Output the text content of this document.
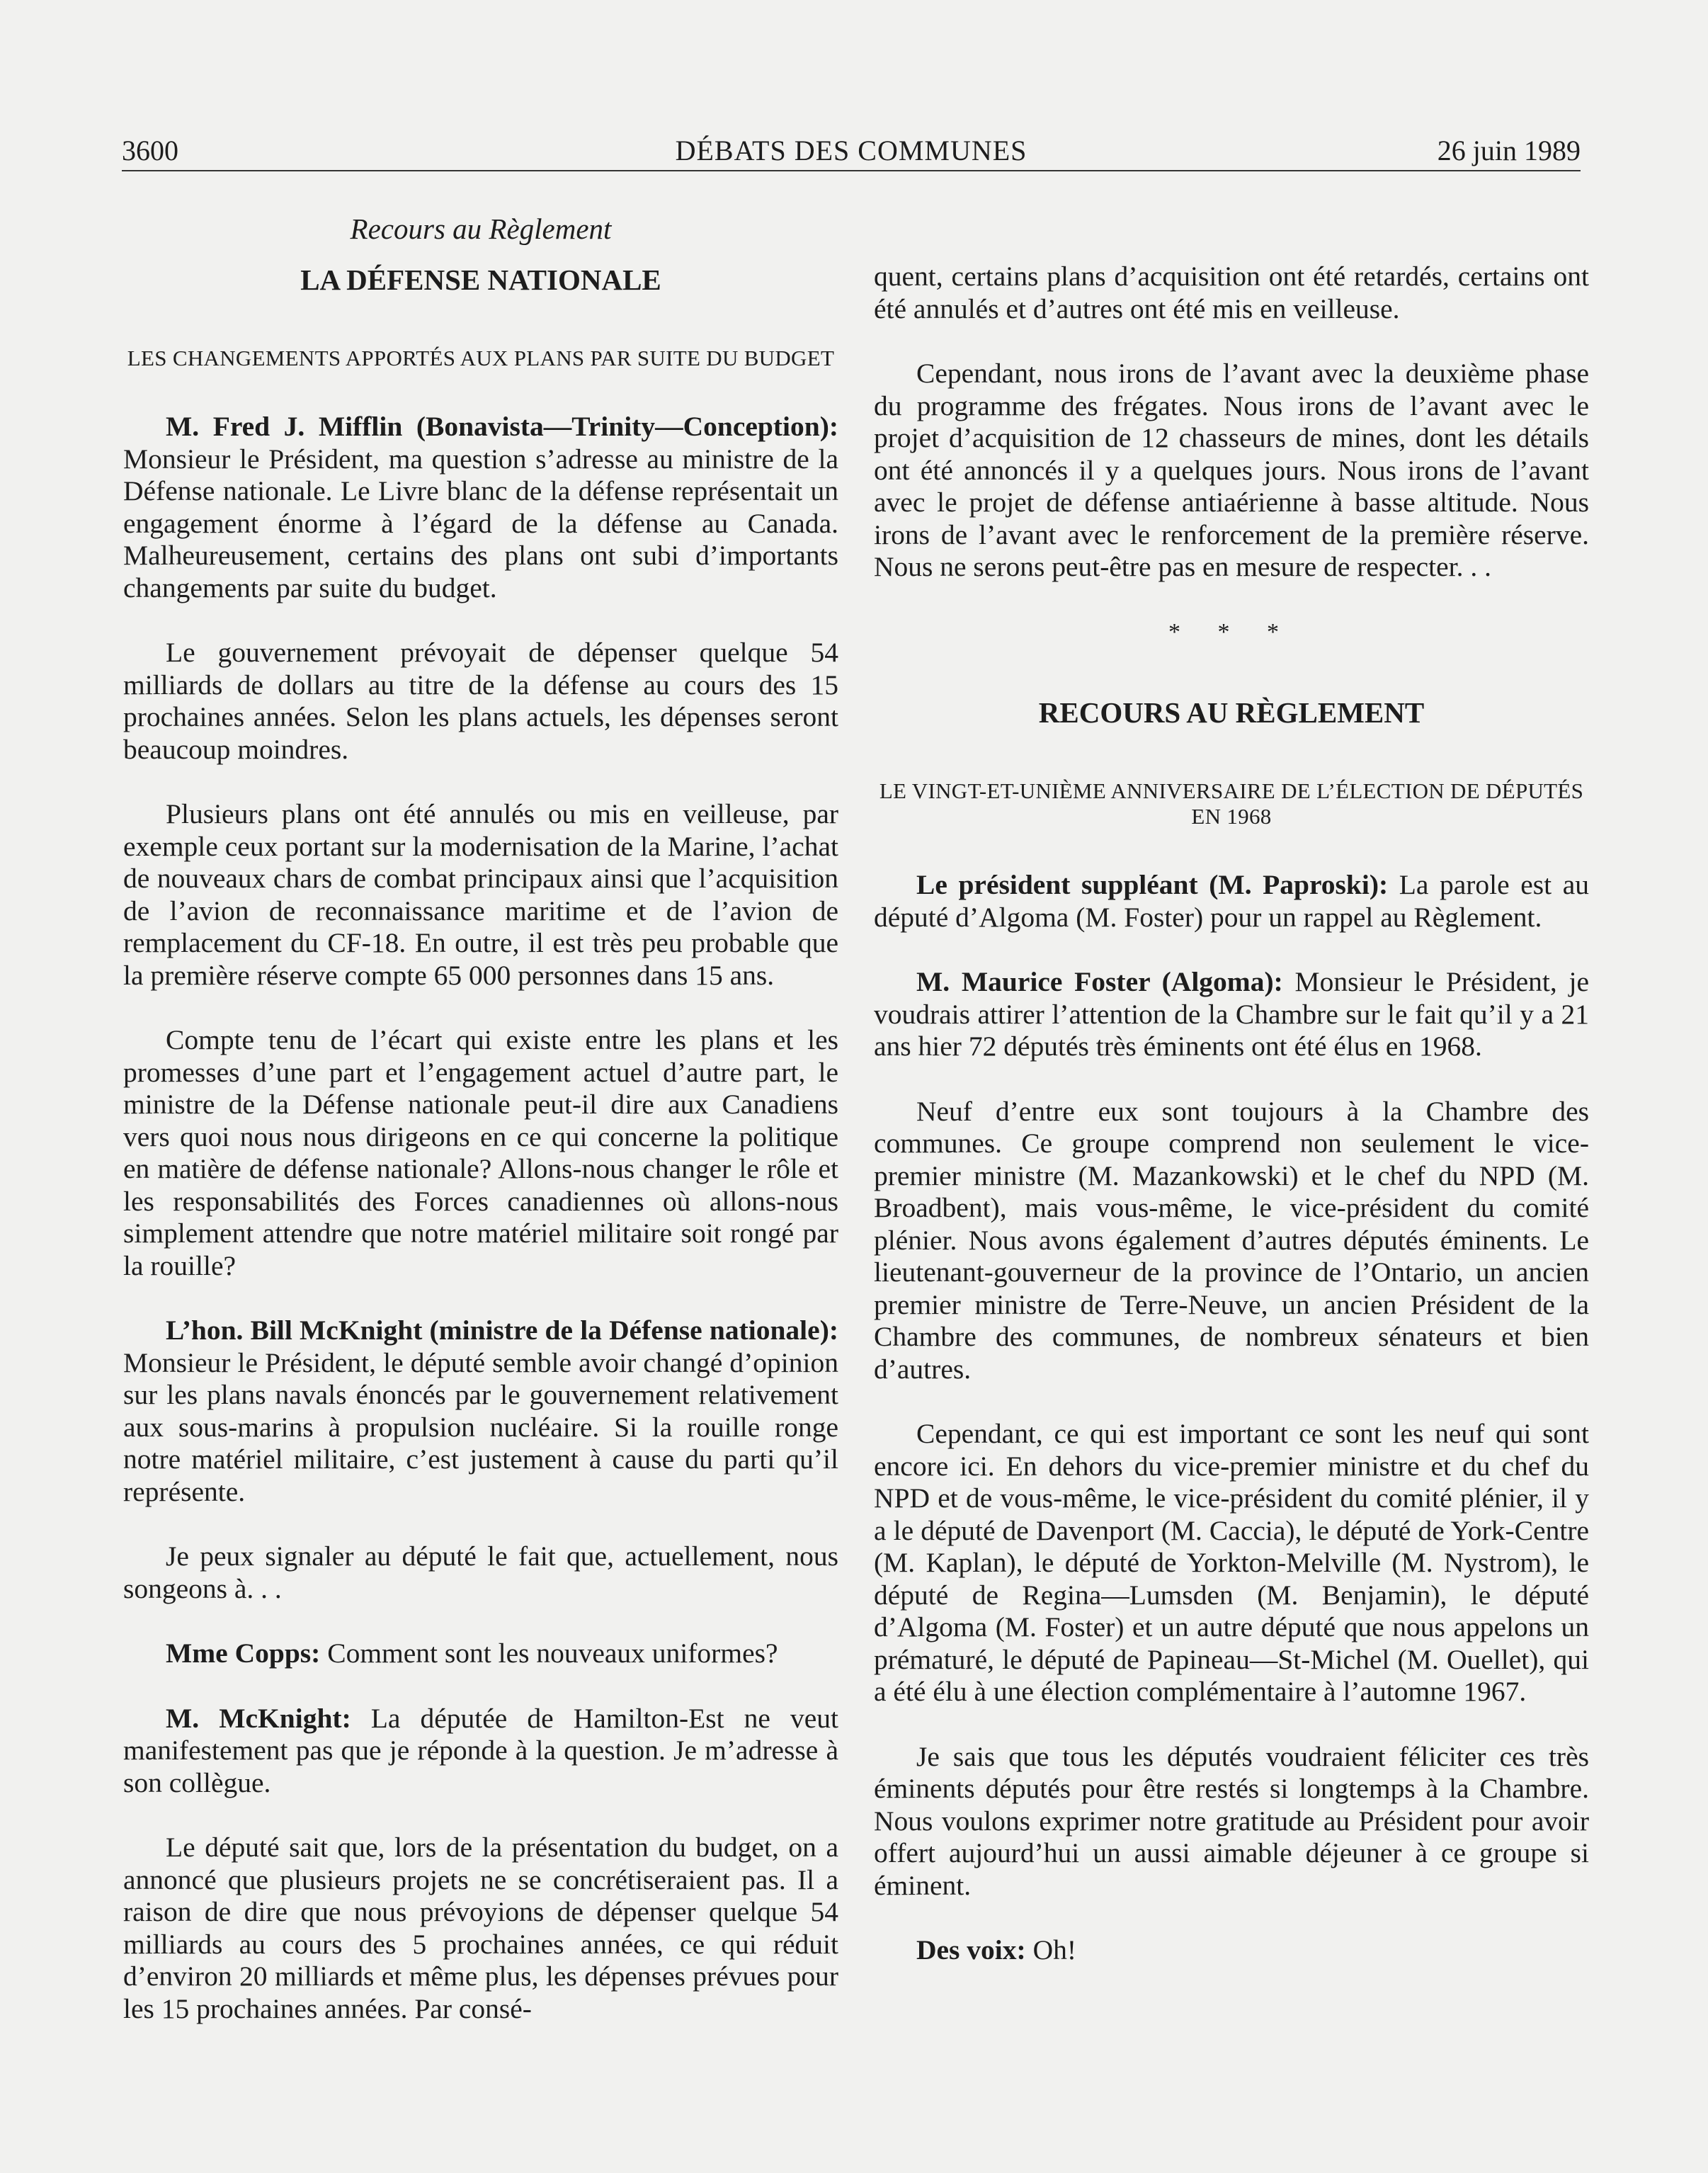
3600	DÉBATS DES COMMUNES	26 juin 1989
Recours au Règlement
LA DÉFENSE NATIONALE
LES CHANGEMENTS APPORTÉS AUX PLANS PAR SUITE DU BUDGET

M. Fred J. Mifflin (Bonavista—Trinity—Conception): Monsieur le Président, ma question s’adresse au ministre de la Défense nationale. Le Livre blanc de la défense représentait un engagement énorme à l’égard de la défense au Canada. Malheureusement, certains des plans ont subi d’importants changements par suite du budget.

Le gouvernement prévoyait de dépenser quelque 54 milliards de dollars au titre de la défense au cours des 15 prochaines années. Selon les plans actuels, les dépenses seront beaucoup moindres.

Plusieurs plans ont été annulés ou mis en veilleuse, par exemple ceux portant sur la modernisation de la Marine, l’achat de nouveaux chars de combat principaux ainsi que l’acquisition de l’avion de reconnaissance maritime et de l’avion de remplacement du CF-18. En outre, il est très peu probable que la première réserve compte 65 000 personnes dans 15 ans.

Compte tenu de l’écart qui existe entre les plans et les promesses d’une part et l’engagement actuel d’autre part, le ministre de la Défense nationale peut-il dire aux Canadiens vers quoi nous nous dirigeons en ce qui concerne la politique en matière de défense nationale? Allons-nous changer le rôle et les responsabilités des Forces canadiennes où allons-nous simplement attendre que notre matériel militaire soit rongé par la rouille?

L’hon. Bill McKnight (ministre de la Défense nationale): Monsieur le Président, le député semble avoir changé d’opinion sur les plans navals énoncés par le gouvernement relativement aux sous-marins à propulsion nucléaire. Si la rouille ronge notre matériel militaire, c’est justement à cause du parti qu’il représente.

Je peux signaler au député le fait que, actuellement, nous songeons à. . .

Mme Copps: Comment sont les nouveaux uniformes?

M. McKnight: La députée de Hamilton-Est ne veut manifestement pas que je réponde à la question. Je m’adresse à son collègue.

Le député sait que, lors de la présentation du budget, on a annoncé que plusieurs projets ne se concrétiseraient pas. Il a raison de dire que nous prévoyions de dépenser quelque 54 milliards au cours des 5 prochaines années, ce qui réduit d’environ 20 milliards et même plus, les dépenses prévues pour les 15 prochaines années. Par consé-

quent, certains plans d’acquisition ont été retardés, certains ont été annulés et d’autres ont été mis en veilleuse.

Cependant, nous irons de l’avant avec la deuxième phase du programme des frégates. Nous irons de l’avant avec le projet d’acquisition de 12 chasseurs de mines, dont les détails ont été annoncés il y a quelques jours. Nous irons de l’avant avec le projet de défense antiaérienne à basse altitude. Nous irons de l’avant avec le renforcement de la première réserve. Nous ne serons peut-être pas en mesure de respecter. . .

* * *
RECOURS AU RÈGLEMENT
LE VINGT-ET-UNIÈME ANNIVERSAIRE DE L’ÉLECTION DE DÉPUTÉS EN 1968

Le président suppléant (M. Paproski): La parole est au député d’Algoma (M. Foster) pour un rappel au Règlement.

M. Maurice Foster (Algoma): Monsieur le Président, je voudrais attirer l’attention de la Chambre sur le fait qu’il y a 21 ans hier 72 députés très éminents ont été élus en 1968.

Neuf d’entre eux sont toujours à la Chambre des communes. Ce groupe comprend non seulement le vice-premier ministre (M. Mazankowski) et le chef du NPD (M. Broadbent), mais vous-même, le vice-président du comité plénier. Nous avons également d’autres députés éminents. Le lieutenant-gouverneur de la province de l’Ontario, un ancien premier ministre de Terre-Neuve, un ancien Président de la Chambre des communes, de nombreux sénateurs et bien d’autres.

Cependant, ce qui est important ce sont les neuf qui sont encore ici. En dehors du vice-premier ministre et du chef du NPD et de vous-même, le vice-président du comité plénier, il y a le député de Davenport (M. Caccia), le député de York-Centre (M. Kaplan), le député de Yorkton-Melville (M. Nystrom), le député de Regina—Lumsden (M. Benjamin), le député d’Algoma (M. Foster) et un autre député que nous appelons un prématuré, le député de Papineau—St-Michel (M. Ouellet), qui a été élu à une élection complémentaire à l’automne 1967.

Je sais que tous les députés voudraient féliciter ces très éminents députés pour être restés si longtemps à la Chambre. Nous voulons exprimer notre gratitude au Président pour avoir offert aujourd’hui un aussi aimable déjeuner à ce groupe si éminent.

Des voix: Oh!
